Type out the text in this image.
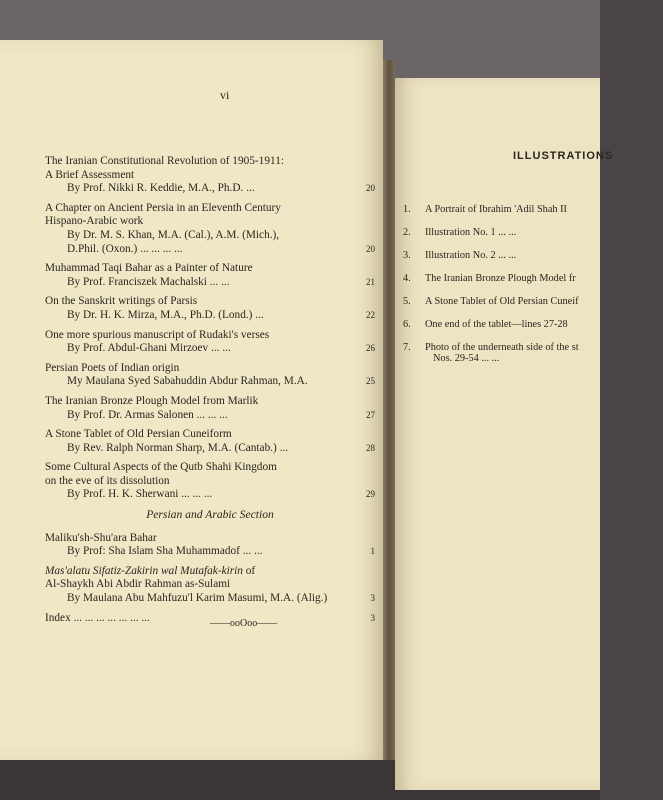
vi
The Iranian Constitutional Revolution of 1905-1911:
A Brief Assessment
By Prof. Nikki R. Keddie, M.A., Ph.D. ...	20
A Chapter on Ancient Persia in an Eleventh Century
Hispano-Arabic work
By Dr. M. S. Khan, M.A. (Cal.), A.M. (Mich.),
D.Phil. (Oxon.) ... ... ... ...	20
Muhammad Taqi Bahar as a Painter of Nature
By Prof. Franciszek Machalski ... ...	21
On the Sanskrit writings of Parsis
By Dr. H. K. Mirza, M.A., Ph.D. (Lond.) ...	22
One more spurious manuscript of Rudaki's verses
By Prof. Abdul-Ghani Mirzoev ... ...	26
Persian Poets of Indian origin
My Maulana Syed Sabahuddin Abdur Rahman, M.A.	25
The Iranian Bronze Plough Model from Marlik
By Prof. Dr. Armas Salonen ... ... ...	27
A Stone Tablet of Old Persian Cuneiform
By Rev. Ralph Norman Sharp, M.A. (Cantab.) ...	28
Some Cultural Aspects of the Qutb Shahi Kingdom
on the eve of its dissolution
By Prof. H. K. Sherwani ... ... ...	29
Persian and Arabic Section
Maliku'sh-Shu'ara Bahar
By Prof: Sha Islam Sha Muhammadof ... ...	1
Mas'alatu Sifatiz-Zakirin wal Mutafak-kirin of
Al-Shaykh Abi Abdir Rahman as-Sulami
By Maulana Abu Mahfuzu'l Karim Masumi, M.A. (Alig.)	3
Index ... ... ... ... ... ... ...	3
——ooOoo——
ILLUSTRATIONS
1. A Portrait of Ibrahim 'Adil Shah II
2. Illustration No. 1 ... ...
3. Illustration No. 2 ... ...
4. The Iranian Bronze Plough Model fr
5. A Stone Tablet of Old Persian Cuneif
6. One end of the tablet—lines 27-28
7. Photo of the underneath side of the st
Nos. 29-54 ... ...
